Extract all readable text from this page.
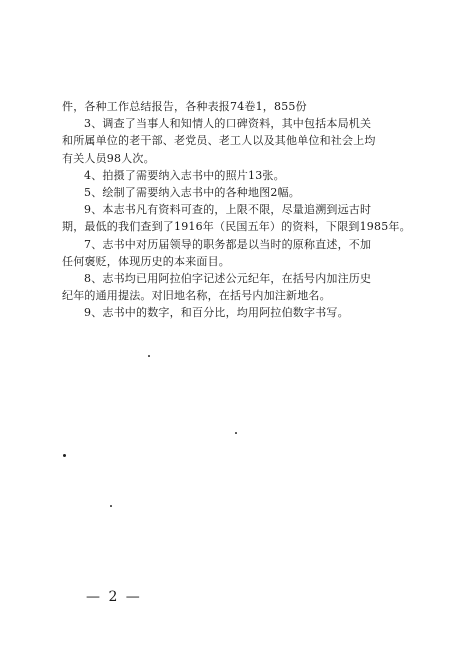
件，各种工作总结报告，各种表报74卷1，855份
3、调查了当事人和知情人的口碑资料，其中包括本局机关
和所属单位的老干部、老党员、老工人以及其他单位和社会上均
有关人员98人次。
4、拍摄了需要纳入志书中的照片13张。
5、绘制了需要纳入志书中的各种地图2幅。
9、本志书凡有资料可查的，上限不限，尽量追溯到远古时
期，最低的我们查到了1916年（民国五年）的资料，下限到1985年。
7、志书中对历届领导的职务都是以当时的原称直述，不加
任何褒贬，体现历史的本来面目。
8、志书均已用阿拉伯字记述公元纪年，在括号内加注历史
纪年的通用提法。对旧地名称，在括号内加注新地名。
9、志书中的数字，和百分比，均用阿拉伯数字书写。
— 2 —
